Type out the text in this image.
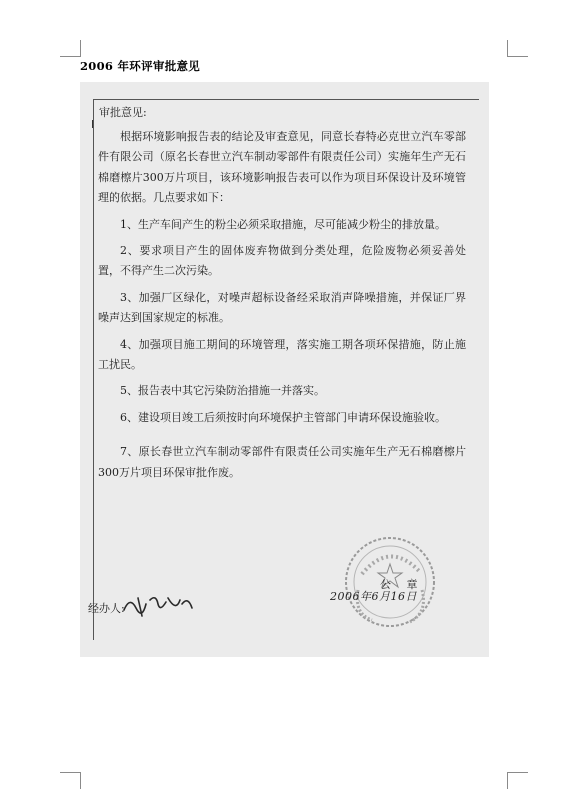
2006 年环评审批意见
审批意见:

根据环境影响报告表的结论及审查意见，同意长春特必克世立汽车零部件有限公司（原名长春世立汽车制动零部件有限责任公司）实施年生产无石棉磨檫片300万片项目，该环境影响报告表可以作为项目环保设计及环境管理的依据。几点要求如下：

1、生产车间产生的粉尘必须采取措施，尽可能减少粉尘的排放量。

2、要求项目产生的固体废弃物做到分类处理，危险废物必须妥善处置，不得产生二次污染。

3、加强厂区绿化，对噪声超标设备经采取消声降噪措施，并保证厂界噪声达到国家规定的标准。

4、加强项目施工期间的环境管理，落实施工期各项环保措施，防止施工扰民。

5、报告表中其它污染防治措施一并落实。

6、建设项目竣工后须按时向环境保护主管部门申请环保设施验收。

7、原长春世立汽车制动零部件有限责任公司实施年生产无石棉磨檫片300万片项目环保审批作废。

公 章
2006年6月16日
经办人:
